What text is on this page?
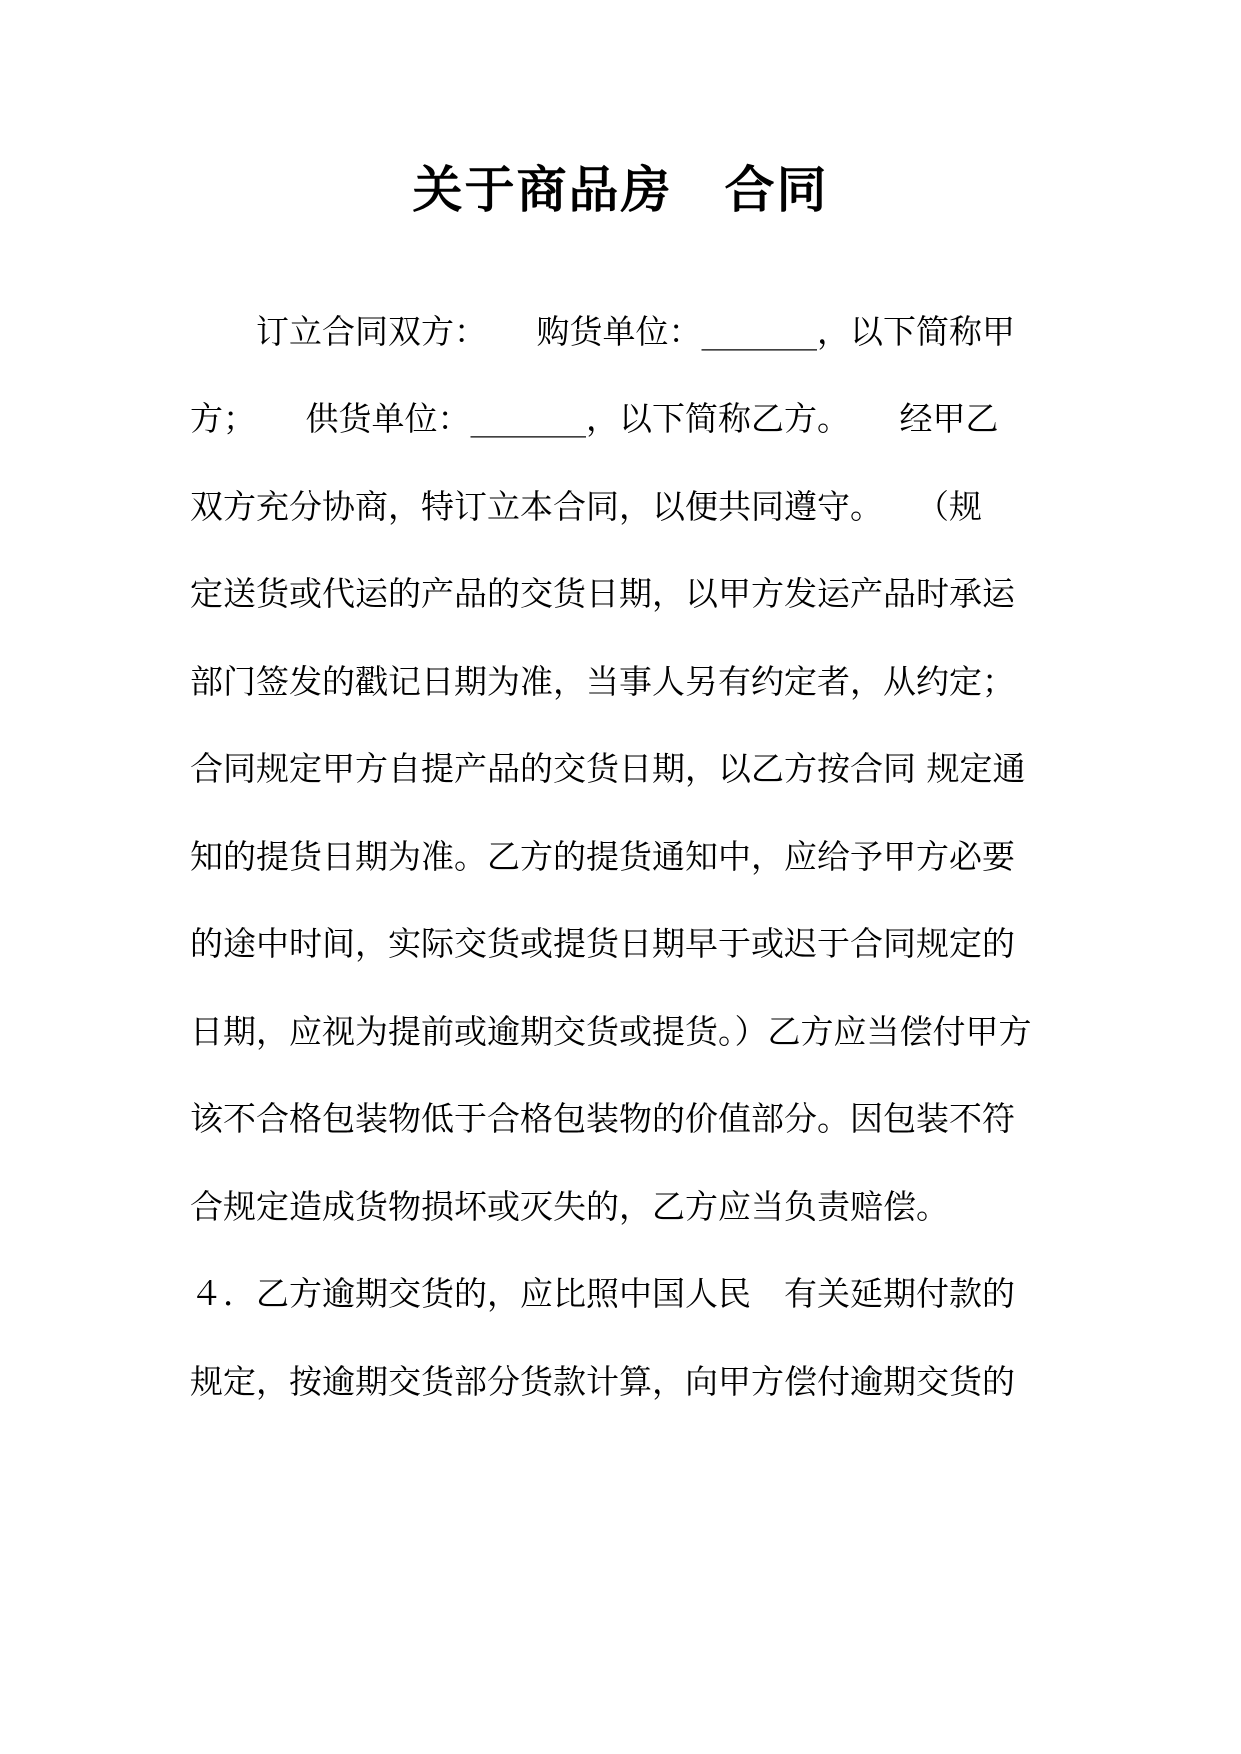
关于商品房　合同
　　订立合同双方：　　购货单位：_______，以下简称甲
方；　　供货单位：_______，以下简称乙方。　　经甲乙
双方充分协商，特订立本合同，以便共同遵守。　　（规
定送货或代运的产品的交货日期，以甲方发运产品时承运
部门签发的戳记日期为准，当事人另有约定者，从约定；
合同规定甲方自提产品的交货日期，以乙方按合同 规定通
知的提货日期为准。乙方的提货通知中，应给予甲方必要
的途中时间，实际交货或提货日期早于或迟于合同规定的
日期，应视为提前或逾期交货或提货。）乙方应当偿付甲方
该不合格包装物低于合格包装物的价值部分。因包装不符
合规定造成货物损坏或灭失的，乙方应当负责赔偿。
４．乙方逾期交货的，应比照中国人民　有关延期付款的
规定，按逾期交货部分货款计算，向甲方偿付逾期交货的
